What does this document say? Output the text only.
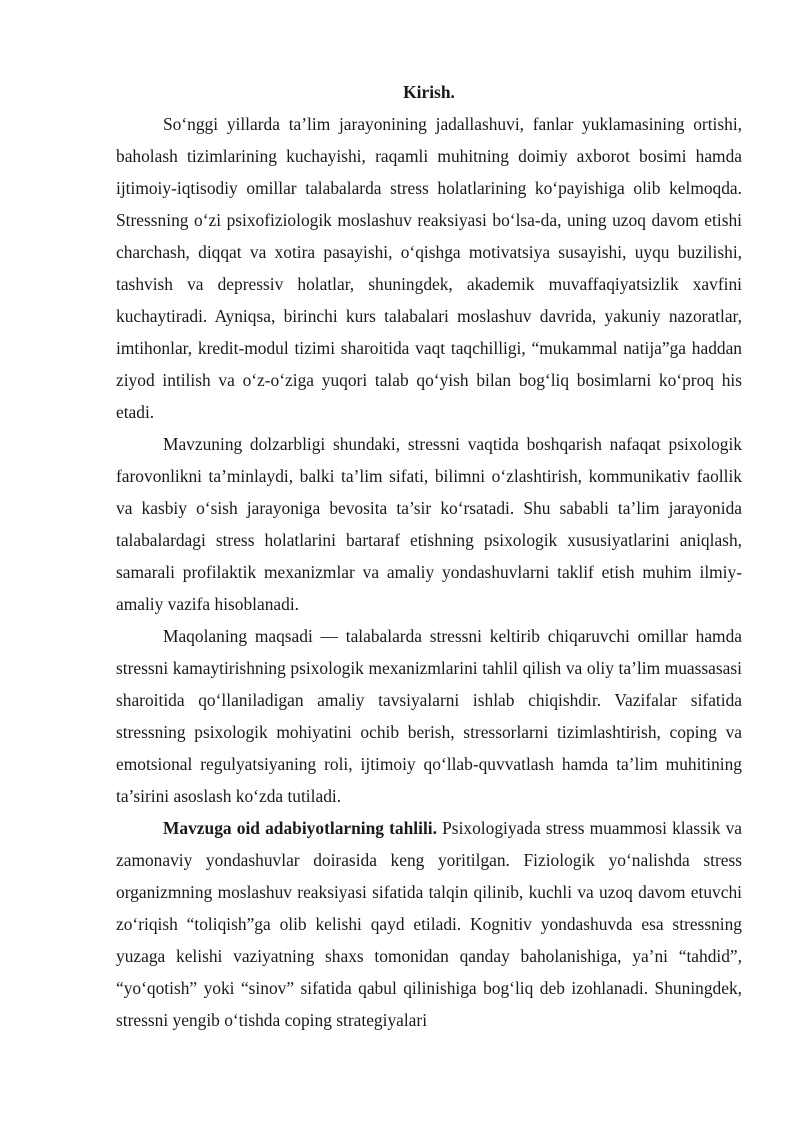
Kirish.

So‘nggi yillarda ta’lim jarayonining jadallashuvi, fanlar yuklamasining ortishi, baholash tizimlarining kuchayishi, raqamli muhitning doimiy axborot bosimi hamda ijtimoiy-iqtisodiy omillar talabalarda stress holatlarining ko‘payishiga olib kelmoqda. Stressning o‘zi psixofiziologik moslashuv reaksiyasi bo‘lsa-da, uning uzoq davom etishi charchash, diqqat va xotira pasayishi, o‘qishga motivatsiya susayishi, uyqu buzilishi, tashvish va depressiv holatlar, shuningdek, akademik muvaffaqiyatsizlik xavfini kuchaytiradi. Ayniqsa, birinchi kurs talabalari moslashuv davrida, yakuniy nazoratlar, imtihonlar, kredit-modul tizimi sharoitida vaqt taqchilligi, “mukammal natija”ga haddan ziyod intilish va o‘z-o‘ziga yuqori talab qo‘yish bilan bog‘liq bosimlarni ko‘proq his etadi.

Mavzuning dolzarbligi shundaki, stressni vaqtida boshqarish nafaqat psixologik farovonlikni ta’minlaydi, balki ta’lim sifati, bilimni o‘zlashtirish, kommunikativ faollik va kasbiy o‘sish jarayoniga bevosita ta’sir ko‘rsatadi. Shu sababli ta’lim jarayonida talabalardagi stress holatlarini bartaraf etishning psixologik xususiyatlarini aniqlash, samarali profilaktik mexanizmlar va amaliy yondashuvlarni taklif etish muhim ilmiy-amaliy vazifa hisoblanadi.

Maqolaning maqsadi — talabalarda stressni keltirib chiqaruvchi omillar hamda stressni kamaytirishning psixologik mexanizmlarini tahlil qilish va oliy ta’lim muassasasi sharoitida qo‘llaniladigan amaliy tavsiyalarni ishlab chiqishdir. Vazifalar sifatida stressning psixologik mohiyatini ochib berish, stressorlarni tizimlashtirish, coping va emotsional regulyatsiyaning roli, ijtimoiy qo‘llab-quvvatlash hamda ta’lim muhitining ta’sirini asoslash ko‘zda tutiladi.

Mavzuga oid adabiyotlarning tahlili. Psixologiyada stress muammosi klassik va zamonaviy yondashuvlar doirasida keng yoritilgan. Fiziologik yo‘nalishda stress organizmning moslashuv reaksiyasi sifatida talqin qilinib, kuchli va uzoq davom etuvchi zo‘riqish “toliqish”ga olib kelishi qayd etiladi. Kognitiv yondashuvda esa stressning yuzaga kelishi vaziyatning shaxs tomonidan qanday baholanishiga, ya’ni “tahdid”, “yo‘qotish” yoki “sinov” sifatida qabul qilinishiga bog‘liq deb izohlanadi. Shuningdek, stressni yengib o‘tishda coping strategiyalari
